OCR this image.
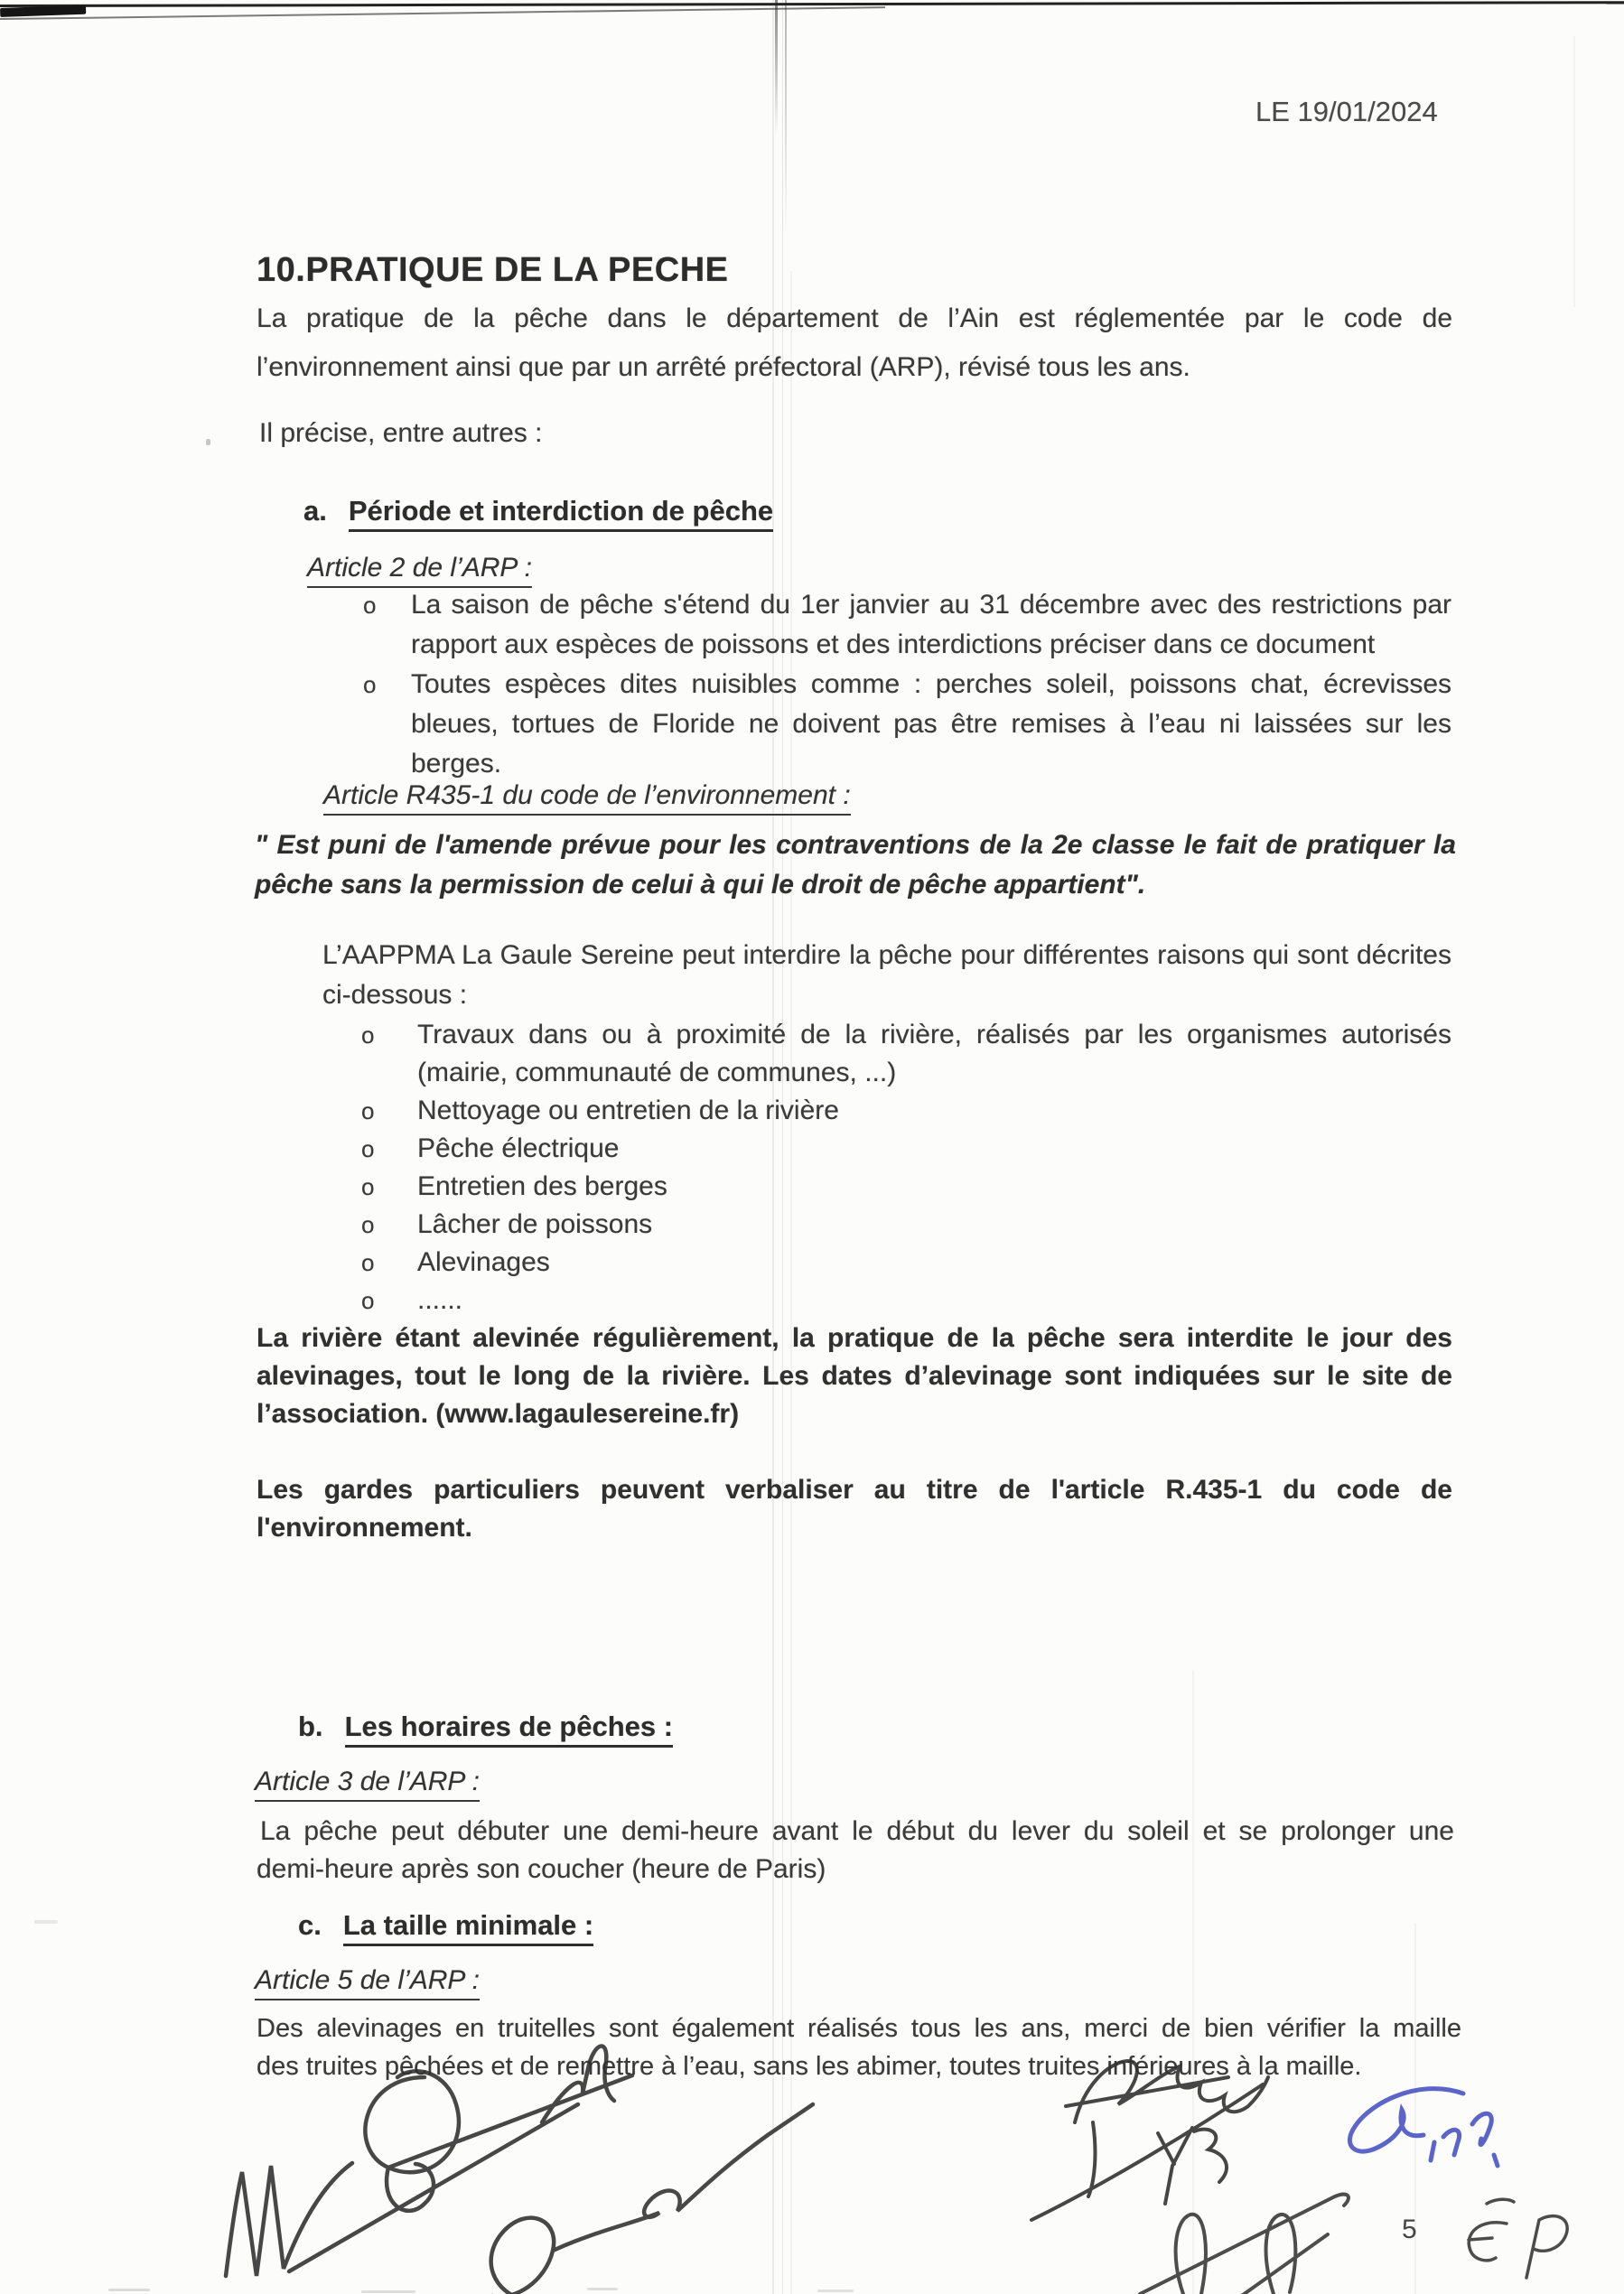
LE 19/01/2024
10.PRATIQUE DE LA PECHE
La pratique de la pêche dans le département de l’Ain est réglementée par le code de
l’environnement ainsi que par un arrêté préfectoral (ARP), révisé tous les ans.
Il précise, entre autres :
a. Période et interdiction de pêche
Article 2 de l’ARP :
o La saison de pêche s'étend du 1er janvier au 31 décembre avec des restrictions par
rapport aux espèces de poissons et des interdictions préciser dans ce document
o Toutes espèces dites nuisibles comme : perches soleil, poissons chat, écrevisses
bleues, tortues de Floride ne doivent pas être remises à l’eau ni laissées sur les
berges.
Article R435-1 du code de l’environnement :
" Est puni de l'amende prévue pour les contraventions de la 2e classe le fait de pratiquer la
pêche sans la permission de celui à qui le droit de pêche appartient".
L’AAPPMA La Gaule Sereine peut interdire la pêche pour différentes raisons qui sont décrites
ci-dessous :
o Travaux dans ou à proximité de la rivière, réalisés par les organismes autorisés
(mairie, communauté de communes, ...)
o Nettoyage ou entretien de la rivière
o Pêche électrique
o Entretien des berges
o Lâcher de poissons
o Alevinages
o ......
La rivière étant alevinée régulièrement, la pratique de la pêche sera interdite le jour des
alevinages, tout le long de la rivière. Les dates d’alevinage sont indiquées sur le site de
l’association. (www.lagaulesereine.fr)
Les gardes particuliers peuvent verbaliser au titre de l'article R.435-1 du code de
l'environnement.
b. Les horaires de pêches :
Article 3 de l’ARP :
La pêche peut débuter une demi-heure avant le début du lever du soleil et se prolonger une
demi-heure après son coucher (heure de Paris)
c. La taille minimale :
Article 5 de l’ARP :
Des alevinages en truitelles sont également réalisés tous les ans, merci de bien vérifier la maille
des truites pêchées et de remettre à l’eau, sans les abimer, toutes truites inférieures à la maille.
5
